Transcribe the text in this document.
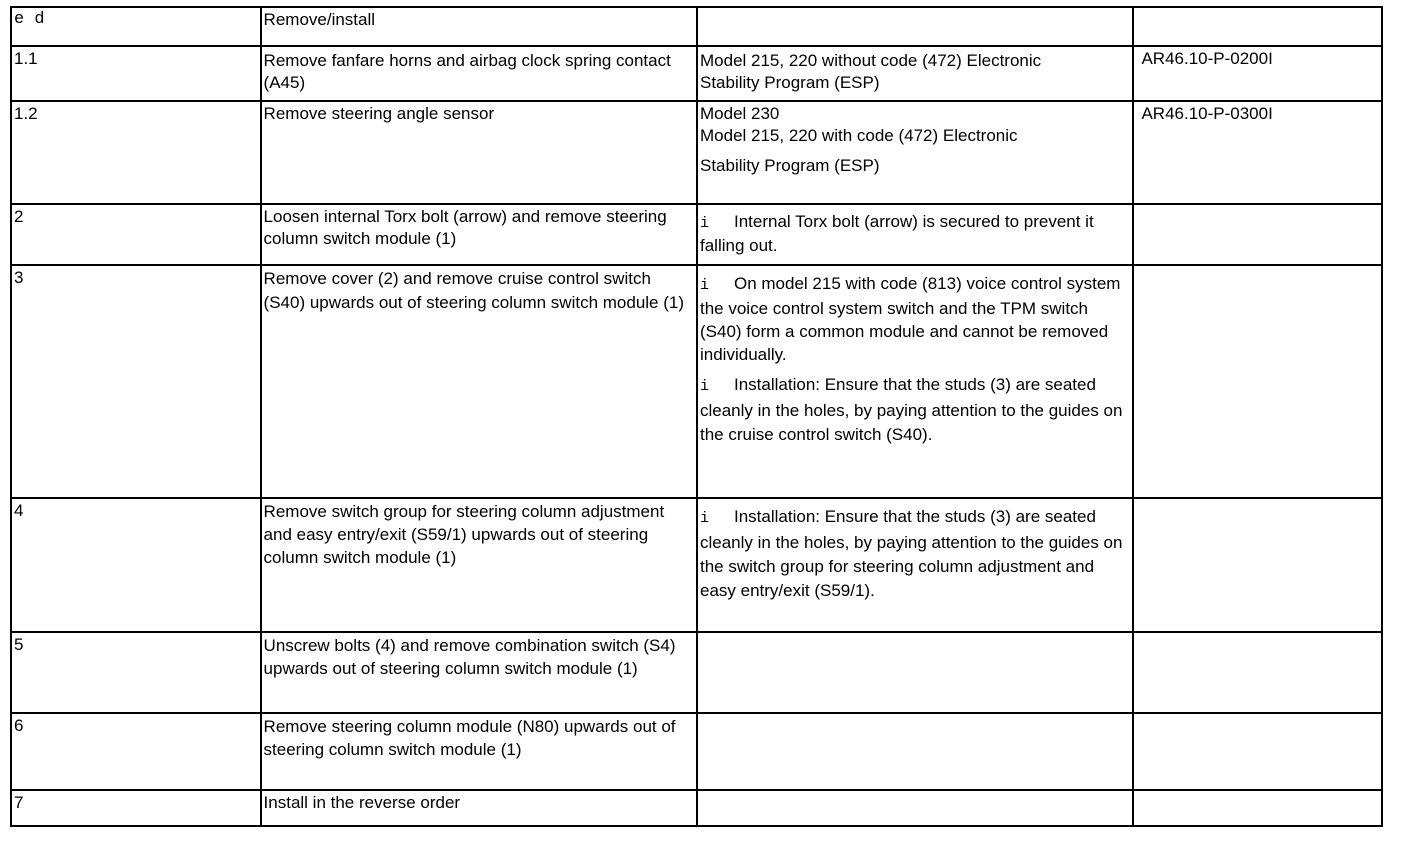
e d	Remove/install		
1.1	Remove fanfare horns and airbag clock spring contact (A45)	Model 215, 220 without code (472) Electronic
Stability Program (ESP)	AR46.10-P-0200I

1.2	Remove steering angle sensor	Model 230
Model 215, 220 with code (472) Electronic
Stability Program (ESP)	AR46.10-P-0300I

2	Loosen internal Torx bolt (arrow) and remove steering column switch module (1)	i Internal Torx bolt (arrow) is secured to prevent it falling out.	

3	Remove cover (2) and remove cruise control switch (S40) upwards out of steering column switch module (1)	i On model 215 with code (813) voice control system the voice control system switch and the TPM switch (S40) form a common module and cannot be removed individually.
i Installation: Ensure that the studs (3) are seated cleanly in the holes, by paying attention to the guides on the cruise control switch (S40).	

4	Remove switch group for steering column adjustment and easy entry/exit (S59/1) upwards out of steering column switch module (1)	i Installation: Ensure that the studs (3) are seated cleanly in the holes, by paying attention to the guides on the switch group for steering column adjustment and easy entry/exit (S59/1).	

5	Unscrew bolts (4) and remove combination switch (S4) upwards out of steering column switch module (1)		
6	Remove steering column module (N80) upwards out of steering column switch module (1)		
7	Install in the reverse order		
